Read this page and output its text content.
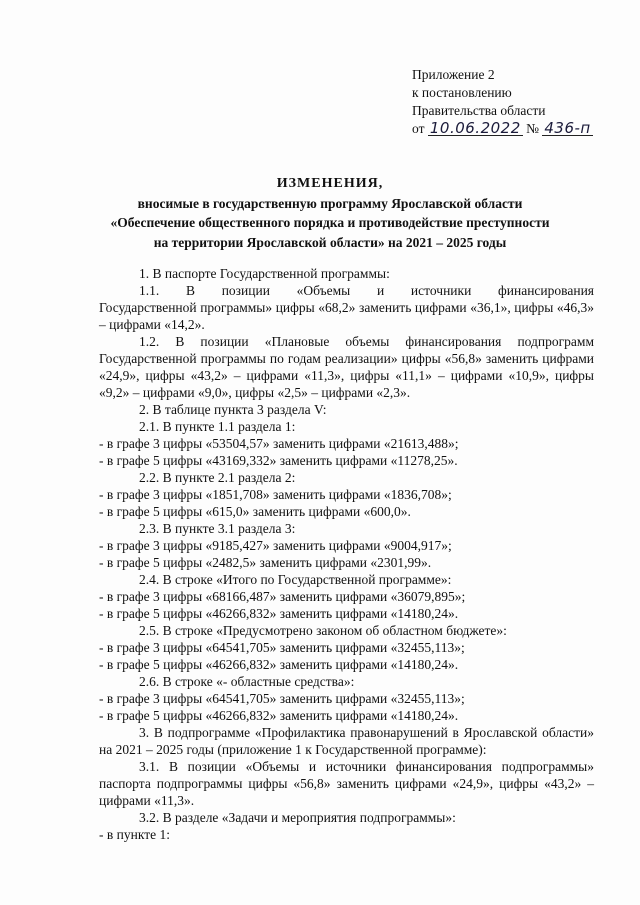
Приложение 2
к постановлению
Правительства области
от 10.06.2022 № 436-п
ИЗМЕНЕНИЯ,
вносимые в государственную программу Ярославской области
«Обеспечение общественного порядка и противодействие преступности
на территории Ярославской области» на 2021 – 2025 годы

1. В паспорте Государственной программы:

1.1. В позиции «Объемы и источники финансирования

Государственной программы» цифры «68,2» заменить цифрами «36,1», цифры «46,3» – цифрами «14,2».

1.2. В позиции «Плановые объемы финансирования подпрограмм Государственной программы по годам реализации» цифры «56,8» заменить цифрами «24,9», цифры «43,2» – цифрами «11,3», цифры «11,1» – цифрами «10,9», цифры «9,2» – цифрами «9,0», цифры «2,5» – цифрами «2,3».

2. В таблице пункта 3 раздела V:

2.1. В пункте 1.1 раздела 1:

- в графе 3 цифры «53504,57» заменить цифрами «21613,488»;

- в графе 5 цифры «43169,332» заменить цифрами «11278,25».

2.2. В пункте 2.1 раздела 2:

- в графе 3 цифры «1851,708» заменить цифрами «1836,708»;

- в графе 5 цифры «615,0» заменить цифрами «600,0».

2.3. В пункте 3.1 раздела 3:

- в графе 3 цифры «9185,427» заменить цифрами «9004,917»;

- в графе 5 цифры «2482,5» заменить цифрами «2301,99».

2.4. В строке «Итого по Государственной программе»:

- в графе 3 цифры «68166,487» заменить цифрами «36079,895»;

- в графе 5 цифры «46266,832» заменить цифрами «14180,24».

2.5. В строке «Предусмотрено законом об областном бюджете»:

- в графе 3 цифры «64541,705» заменить цифрами «32455,113»;

- в графе 5 цифры «46266,832» заменить цифрами «14180,24».

2.6. В строке «- областные средства»:

- в графе 3 цифры «64541,705» заменить цифрами «32455,113»;

- в графе 5 цифры «46266,832» заменить цифрами «14180,24».

3. В подпрограмме «Профилактика правонарушений в Ярославской области» на 2021 – 2025 годы (приложение 1 к Государственной программе):

3.1. В позиции «Объемы и источники финансирования подпрограммы» паспорта подпрограммы цифры «56,8» заменить цифрами «24,9», цифры «43,2» – цифрами «11,3».

3.2. В разделе «Задачи и мероприятия подпрограммы»:

- в пункте 1:
